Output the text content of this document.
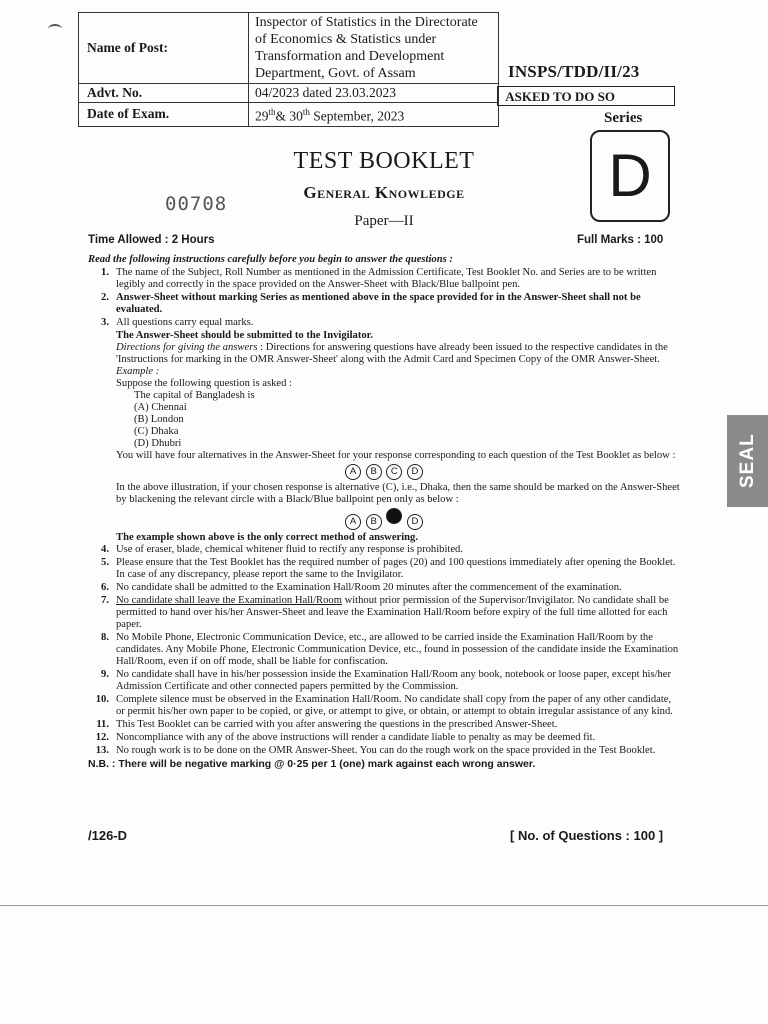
Name of Post:	Inspector of Statistics in the Directorate of Economics & Statistics under Transformation and Development Department, Govt. of Assam
Advt. No.	04/2023 dated 23.03.2023
Date of Exam.	29th& 30th September, 2023
INSPS/TDD/II/23
ASKED TO DO SO
Series
D
TEST BOOKLET
General Knowledge
00708
Paper—II
Time Allowed : 2 Hours	Full Marks : 100
Read the following instructions carefully before you begin to answer the questions :
1. The name of the Subject, Roll Number as mentioned in the Admission Certificate, Test Booklet No. and Series are to be written legibly and correctly in the space provided on the Answer-Sheet with Black/Blue ballpoint pen.
2. Answer-Sheet without marking Series as mentioned above in the space provided for in the Answer-Sheet shall not be evaluated.
3. All questions carry equal marks.
The Answer-Sheet should be submitted to the Invigilator.
Directions for giving the answers : Directions for answering questions have already been issued to the respective candidates in the 'Instructions for marking in the OMR Answer-Sheet' along with the Admit Card and Specimen Copy of the OMR Answer-Sheet.
Example :
Suppose the following question is asked :
The capital of Bangladesh is
(A) Chennai
(B) London
(C) Dhaka
(D) Dhubri
You will have four alternatives in the Answer-Sheet for your response corresponding to each question of the Test Booklet as below :
A B C D
In the above illustration, if your chosen response is alternative (C), i.e., Dhaka, then the same should be marked on the Answer-Sheet by blackening the relevant circle with a Black/Blue ballpoint pen only as below :
A B	D
The example shown above is the only correct method of answering.
4. Use of eraser, blade, chemical whitener fluid to rectify any response is prohibited.
5. Please ensure that the Test Booklet has the required number of pages (20) and 100 questions immediately after opening the Booklet. In case of any discrepancy, please report the same to the Invigilator.
6. No candidate shall be admitted to the Examination Hall/Room 20 minutes after the commencement of the examination.
7. No candidate shall leave the Examination Hall/Room without prior permission of the Supervisor/Invigilator. No candidate shall be permitted to hand over his/her Answer-Sheet and leave the Examination Hall/Room before expiry of the full time allotted for each paper.
8. No Mobile Phone, Electronic Communication Device, etc., are allowed to be carried inside the Examination Hall/Room by the candidates. Any Mobile Phone, Electronic Communication Device, etc., found in possession of the candidate inside the Examination Hall/Room, even if on off mode, shall be liable for confiscation.
9. No candidate shall have in his/her possession inside the Examination Hall/Room any book, notebook or loose paper, except his/her Admission Certificate and other connected papers permitted by the Commission.
10. Complete silence must be observed in the Examination Hall/Room. No candidate shall copy from the paper of any other candidate, or permit his/her own paper to be copied, or give, or attempt to give, or obtain, or attempt to obtain irregular assistance of any kind.
11. This Test Booklet can be carried with you after answering the questions in the prescribed Answer-Sheet.
12. Noncompliance with any of the above instructions will render a candidate liable to penalty as may be deemed fit.
13. No rough work is to be done on the OMR Answer-Sheet. You can do the rough work on the space provided in the Test Booklet.
N.B. : There will be negative marking @ 0·25 per 1 (one) mark against each wrong answer.
/126-D	[ No. of Questions : 100 ]
SEAL
